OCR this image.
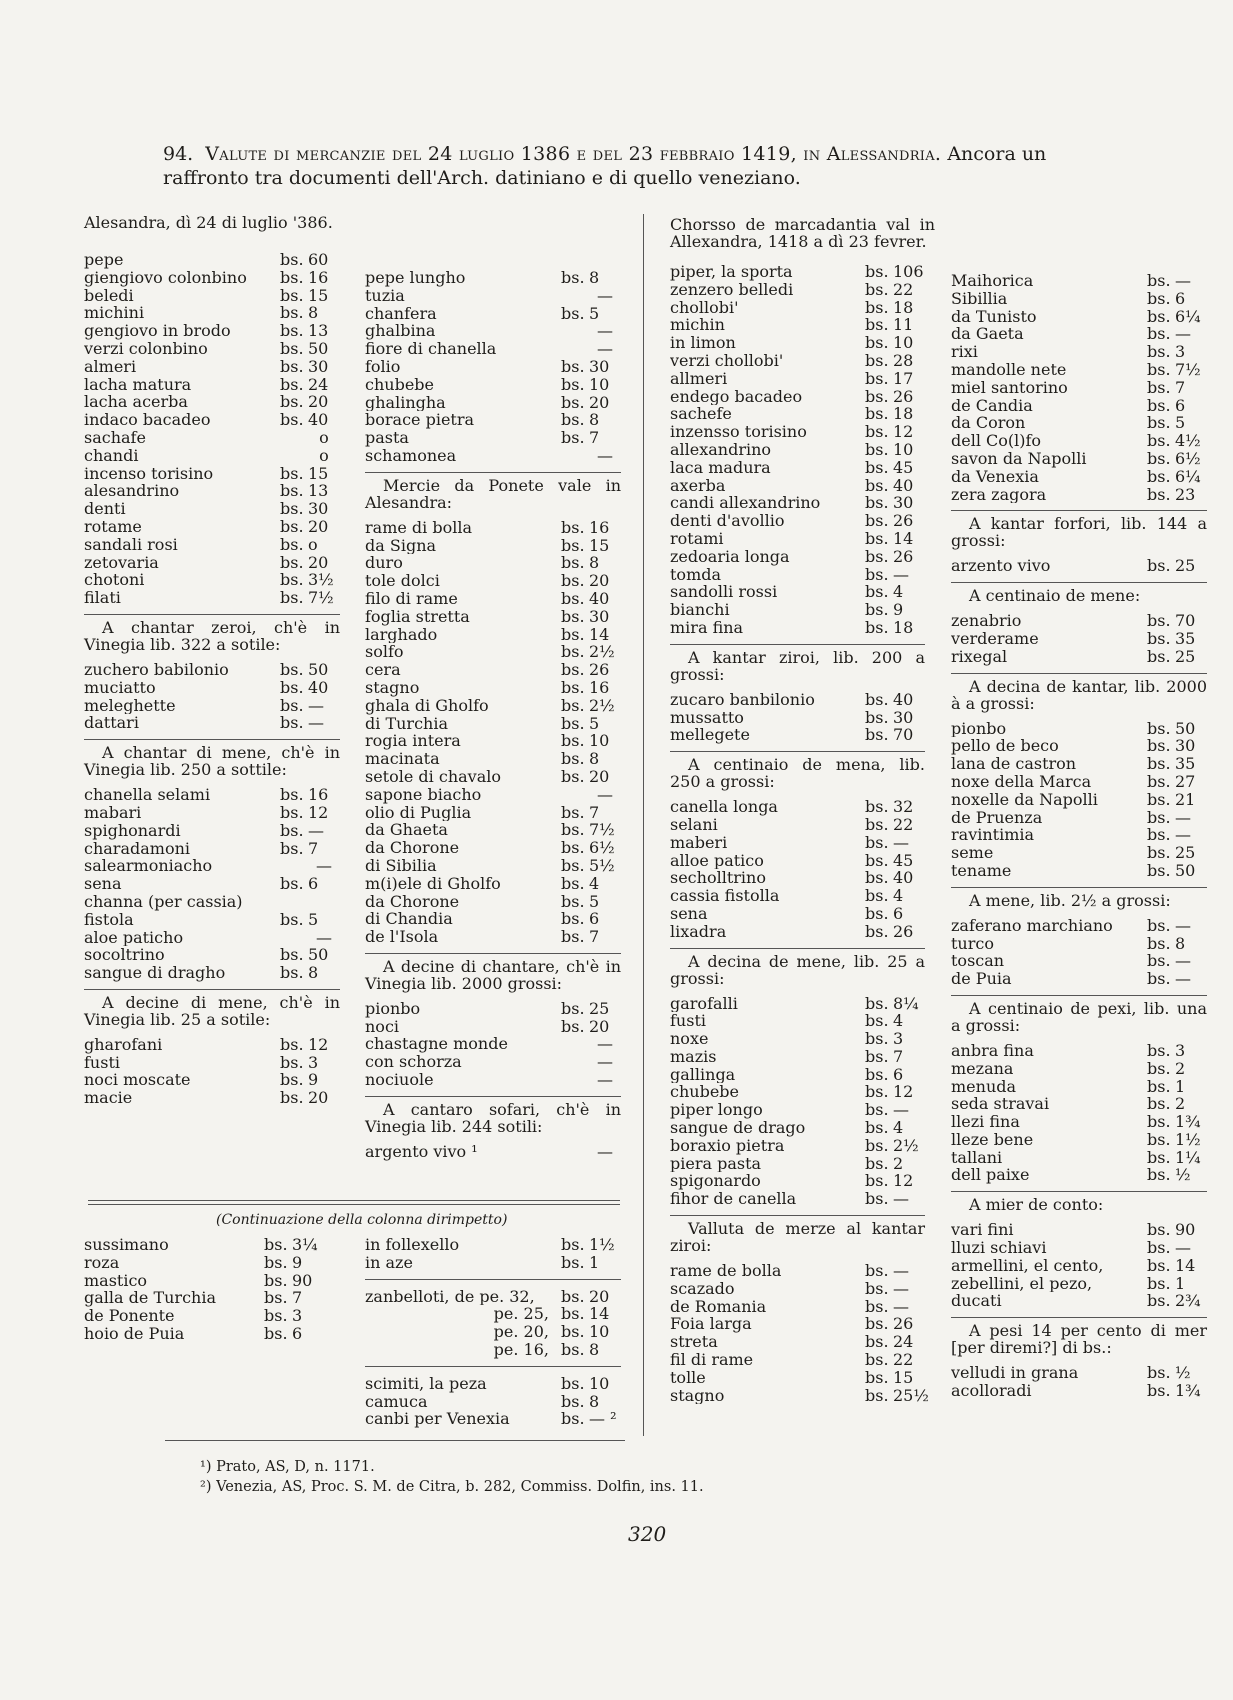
94. Valute di mercanzie del 24 luglio 1386 e del 23 febbraio 1419, in Alessandria. Ancora un raffronto tra documenti dell'Arch. datiniano e di quello veneziano.
Alesandra, dì 24 di luglio '386.
pepe	bs. 60
giengiovo colonbino	bs. 16
beledi	bs. 15
michini	bs. 8
gengiovo in brodo	bs. 13
verzi colonbino	bs. 50
almeri	bs. 30
lacha matura	bs. 24
lacha acerba	bs. 20
indaco bacadeo	bs. 40
sachafe	o
chandi	o
incenso torisino	bs. 15
alesandrino	bs. 13
denti	bs. 30
rotame	bs. 20
sandali rosi	bs. o
zetovaria	bs. 20
chotoni	bs. 3½
filati	bs. 7½
A chantar zeroi, ch'è in Vinegia lib. 322 a sotile:
zuchero babilonio	bs. 50
muciatto	bs. 40
meleghette	bs. —
dattari	bs. —
A chantar di mene, ch'è in Vinegia lib. 250 a sottile:
chanella selami	bs. 16
mabari	bs. 12
spighonardi	bs. —
charadamoni	bs. 7
salearmoniacho	—
sena	bs. 6
channa (per cassia)
fistola	bs. 5
aloe paticho	—
socoltrino	bs. 50
sangue di dragho	bs. 8
A decine di mene, ch'è in Vinegia lib. 25 a sotile:
gharofani	bs. 12
fusti	bs. 3
noci moscate	bs. 9
macie	bs. 20
pepe lungho	bs. 8
tuzia	—
chanfera	bs. 5
ghalbina	—
fiore di chanella	—
folio	bs. 30
chubebe	bs. 10
ghalingha	bs. 20
borace pietra	bs. 8
pasta	bs. 7
schamonea	—
Mercie da Ponete vale in Alesandra:
rame di bolla	bs. 16
da Signa	bs. 15
duro	bs. 8
tole dolci	bs. 20
filo di rame	bs. 40
foglia stretta	bs. 30
larghado	bs. 14
solfo	bs. 2½
cera	bs. 26
stagno	bs. 16
ghala di Gholfo	bs. 2½
di Turchia	bs. 5
rogia intera	bs. 10
macinata	bs. 8
setole di chavalo	bs. 20
sapone biacho	—
olio di Puglia	bs. 7
da Ghaeta	bs. 7½
da Chorone	bs. 6½
di Sibilia	bs. 5½
m(i)ele di Gholfo	bs. 4
da Chorone	bs. 5
di Chandia	bs. 6
de l'Isola	bs. 7
A decine di chantare, ch'è in Vinegia lib. 2000 grossi:
pionbo	bs. 25
noci	bs. 20
chastagne monde	—
con schorza	—
nociuole	—
A cantaro sofari, ch'è in Vinegia lib. 244 sotili:
argento vivo ¹	—
(Continuazione della colonna dirimpetto)
sussimano	bs. 3¼
roza	bs. 9
mastico	bs. 90
galla de Turchia	bs. 7
de Ponente	bs. 3
hoio de Puia	bs. 6
in follexello	bs. 1½
in aze	bs. 1
zanbelloti, de pe. 32,	bs. 20
pe. 25, bs. 14
pe. 20, bs. 10
pe. 16, bs. 8
scimiti, la peza	bs. 10
camuca	bs. 8
canbi per Venexia	bs. — ²
Chorsso de marcadantia val in Allexandra, 1418 a dì 23 fevrer.
piper, la sporta	bs. 106
zenzero belledi	bs. 22
chollobi'	bs. 18
michin	bs. 11
in limon	bs. 10
verzi chollobi'	bs. 28
allmeri	bs. 17
endego bacadeo	bs. 26
sachefe	bs. 18
inzensso torisino	bs. 12
allexandrino	bs. 10
laca madura	bs. 45
axerba	bs. 40
candi allexandrino	bs. 30
denti d'avollio	bs. 26
rotami	bs. 14
zedoaria longa	bs. 26
tomda	bs. —
sandolli rossi	bs. 4
bianchi	bs. 9
mira fina	bs. 18
A kantar ziroi, lib. 200 a grossi:
zucaro banbilonio	bs. 40
mussatto	bs. 30
mellegete	bs. 70
A centinaio de mena, lib. 250 a grossi:
canella longa	bs. 32
selani	bs. 22
maberi	bs. —
alloe patico	bs. 45
secholltrino	bs. 40
cassia fistolla	bs. 4
sena	bs. 6
lixadra	bs. 26
A decina de mene, lib. 25 a grossi:
garofalli	bs. 8¼
fusti	bs. 4
noxe	bs. 3
mazis	bs. 7
gallinga	bs. 6
chubebe	bs. 12
piper longo	bs. —
sangue de drago	bs. 4
boraxio pietra	bs. 2½
piera pasta	bs. 2
spigonardo	bs. 12
fihor de canella	bs. —
Valluta de merze al kantar ziroi:
rame de bolla	bs. —
scazado	bs. —
de Romania	bs. —
Foia larga	bs. 26
streta	bs. 24
fil di rame	bs. 22
tolle	bs. 15
stagno	bs. 25½
Maihorica	bs. —
Sibillia	bs. 6
da Tunisto	bs. 6¼
da Gaeta	bs. —
rixi	bs. 3
mandolle nete	bs. 7½
miel santorino	bs. 7
de Candia	bs. 6
da Coron	bs. 5
dell Co(l)fo	bs. 4½
savon da Napolli	bs. 6½
da Venexia	bs. 6¼
zera zagora	bs. 23
A kantar forfori, lib. 144 a grossi:
arzento vivo	bs. 25
A centinaio de mene:
zenabrio	bs. 70
verderame	bs. 35
rixegal	bs. 25
A decina de kantar, lib. 2000 à a grossi:
pionbo	bs. 50
pello de beco	bs. 30
lana de castron	bs. 35
noxe della Marca	bs. 27
noxelle da Napolli	bs. 21
de Pruenza	bs. —
ravintimia	bs. —
seme	bs. 25
tename	bs. 50
A mene, lib. 2½ a grossi:
zaferano marchiano	bs. —
turco	bs. 8
toscan	bs. —
de Puia	bs. —
A centinaio de pexi, lib. una a grossi:
anbra fina	bs. 3
mezana	bs. 2
menuda	bs. 1
seda stravai	bs. 2
llezi fina	bs. 1¾
lleze bene	bs. 1½
tallani	bs. 1¼
dell paixe	bs. ½
A mier de conto:
vari fini	bs. 90
lluzi schiavi	bs. —
armellini, el cento,	bs. 14
zebellini, el pezo,	bs. 1
ducati	bs. 2¾
A pesi 14 per cento di mer [per diremi?] di bs.:
velludi in grana	bs. ½
acolloradi	bs. 1¾
¹) Prato, AS, D, n. 1171.
²) Venezia, AS, Proc. S. M. de Citra, b. 282, Commiss. Dolfin, ins. 11.
320
